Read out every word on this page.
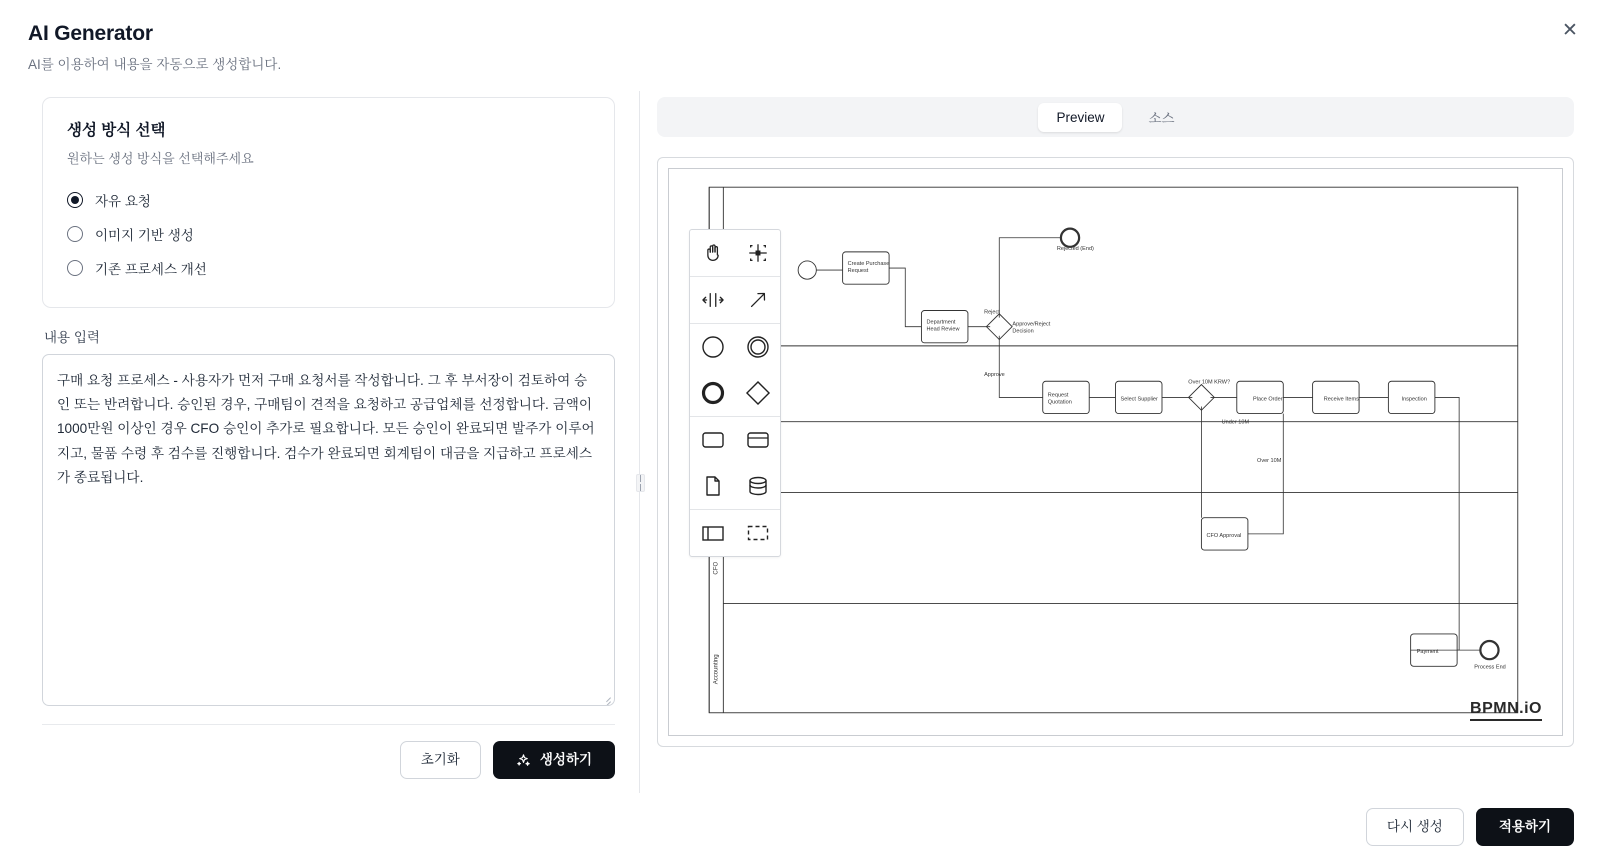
AI Generator
AI를 이용하여 내용을 자동으로 생성합니다.
✕
생성 방식 선택
원하는 생성 방식을 선택해주세요
자유 요청
이미지 기반 생성
기존 프로세스 개선
내용 입력
구매 요청 프로세스 - 사용자가 먼저 구매 요청서를 작성합니다. 그 후 부서장이 검토하여 승인 또는 반려합니다. 승인된 경우, 구매팀이 견적을 요청하고 공급업체를 선정합니다. 금액이 1000만원 이상인 경우 CFO 승인이 추가로 필요합니다. 모든 승인이 완료되면 발주가 이루어지고, 물품 수령 후 검수를 진행합니다. 검수가 완료되면 회계팀이 대금을 지급하고 프로세스가 종료됩니다.
초기화	생성하기
Preview	소스
CFO
Accounting
Create Purchase
Request
Department
Head Review
Approve/Reject
Decision
Rejected (End)
Request
Quotation
Select Supplier
Over 10M KRW?
Place Order	Receive Items	Inspection
CFO Approval
Payment
Process End
Reject
Approve
Under 10M
Over 10M
BPMN.iO
다시 생성	적용하기
